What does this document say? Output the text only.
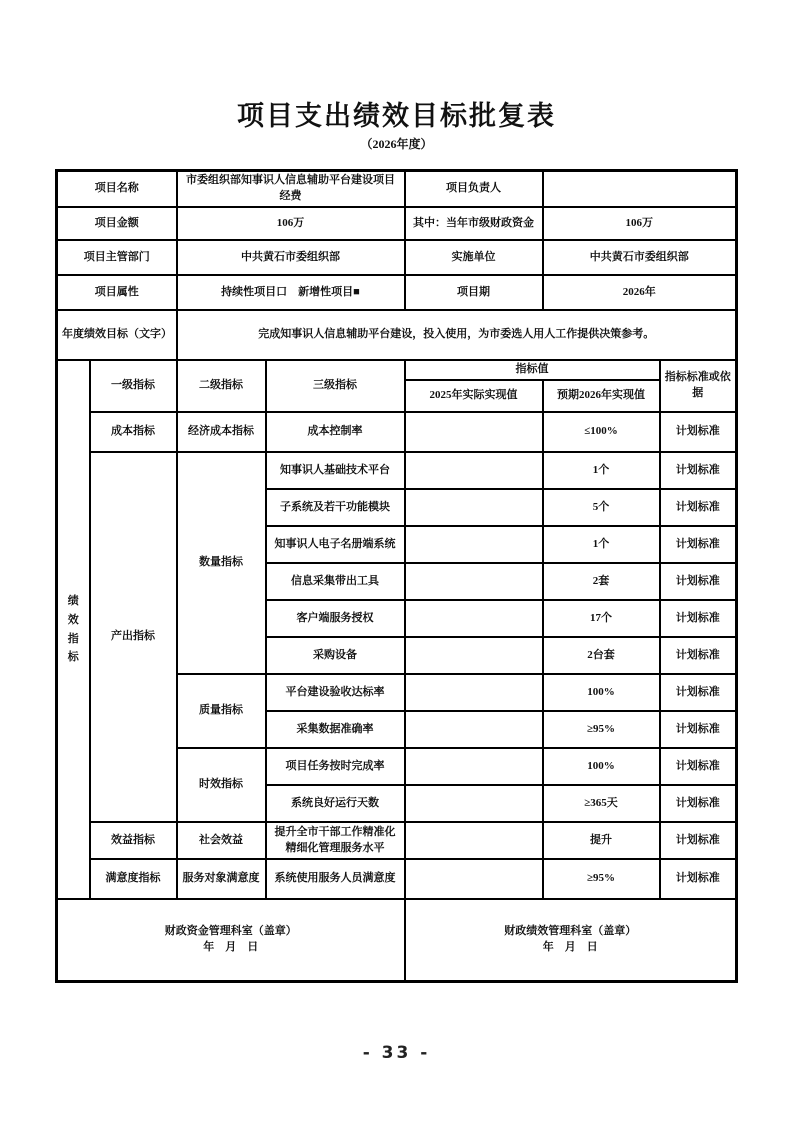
项目支出绩效目标批复表
（2026年度）
项目名称		市委组织部知事识人信息辅助平台建设项目经费		项目负责人		
项目金额		106万		其中：当年市级财政资金	106万	
项目主管部门		中共黄石市委组织部		实施单位	中共黄石市委组织部	
项目属性		持续性项目口　新增性项目■		项目期	2026年	
年度绩效目标（文字）		完成知事识人信息辅助平台建设，投入使用，为市委选人用人工作提供决策参考。				
绩效指标	一级指标	二级指标	三级指标	指标值		指标标准或依据
				2025年实际实现值	预期2026年实现值	
	成本指标	经济成本指标	成本控制率		≤100%	计划标准
	产出指标	数量指标	知事识人基础技术平台		1个	计划标准
			子系统及若干功能模块		5个	计划标准
			知事识人电子名册端系统		1个	计划标准
			信息采集带出工具		2套	计划标准
			客户端服务授权		17个	计划标准
			采购设备		2台套	计划标准
		质量指标	平台建设验收达标率		100%	计划标准
			采集数据准确率		≥95%	计划标准
		时效指标	项目任务按时完成率		100%	计划标准
			系统良好运行天数		≥365天	计划标准
	效益指标	社会效益	提升全市干部工作精准化精细化管理服务水平		提升	计划标准
	满意度指标	服务对象满意度	系统使用服务人员满意度		≥95%	计划标准

财政资金管理科室（盖章）
年　月　日

财政绩效管理科室（盖章）
年　月　日
- 33 -
